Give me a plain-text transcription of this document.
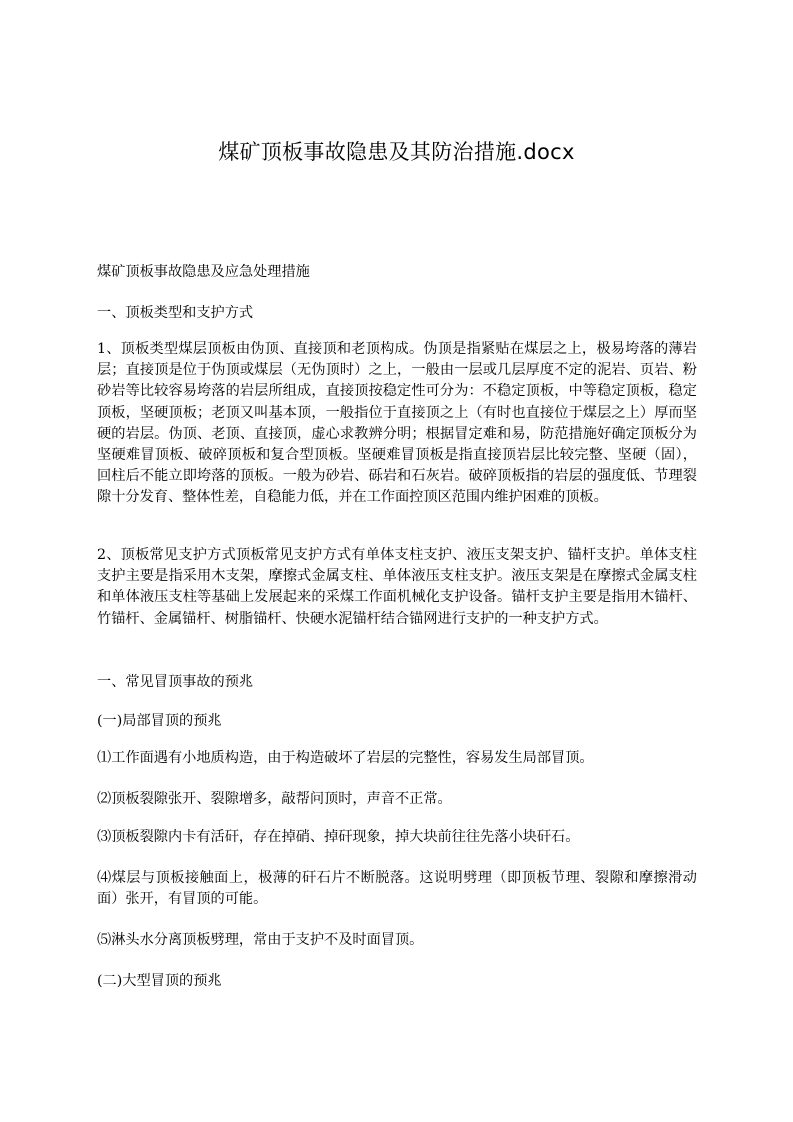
煤矿顶板事故隐患及其防治措施.docx
煤矿顶板事故隐患及应急处理措施
一、顶板类型和支护方式
1、顶板类型煤层顶板由伪顶、直接顶和老顶构成。伪顶是指紧贴在煤层之上，极易垮落的薄岩层；直接顶是位于伪顶或煤层（无伪顶时）之上，一般由一层或几层厚度不定的泥岩、页岩、粉砂岩等比较容易垮落的岩层所组成，直接顶按稳定性可分为：不稳定顶板，中等稳定顶板，稳定顶板，坚硬顶板；老顶又叫基本顶，一般指位于直接顶之上（有时也直接位于煤层之上）厚而坚硬的岩层。伪顶、老顶、直接顶，虚心求教辨分明；根据冒定难和易，防范措施好确定顶板分为坚硬难冒顶板、破碎顶板和复合型顶板。坚硬难冒顶板是指直接顶岩层比较完整、坚硬（固），回柱后不能立即垮落的顶板。一般为砂岩、砾岩和石灰岩。破碎顶板指的岩层的强度低、节理裂隙十分发育、整体性差，自稳能力低，并在工作面控顶区范围内维护困难的顶板。
2、顶板常见支护方式顶板常见支护方式有单体支柱支护、液压支架支护、锚杆支护。单体支柱支护主要是指采用木支架，摩擦式金属支柱、单体液压支柱支护。液压支架是在摩擦式金属支柱和单体液压支柱等基础上发展起来的采煤工作面机械化支护设备。锚杆支护主要是指用木锚杆、竹锚杆、金属锚杆、树脂锚杆、快硬水泥锚杆结合锚网进行支护的一种支护方式。
一、常见冒顶事故的预兆
(一)局部冒顶的预兆
⑴工作面遇有小地质构造，由于构造破坏了岩层的完整性，容易发生局部冒顶。
⑵顶板裂隙张开、裂隙增多，敲帮问顶时，声音不正常。
⑶顶板裂隙内卡有活矸，存在掉硝、掉矸现象，掉大块前往往先落小块矸石。
⑷煤层与顶板接触面上，极薄的矸石片不断脱落。这说明劈理（即顶板节理、裂隙和摩擦滑动面）张开，有冒顶的可能。
⑸淋头水分离顶板劈理，常由于支护不及时面冒顶。
(二)大型冒顶的预兆
